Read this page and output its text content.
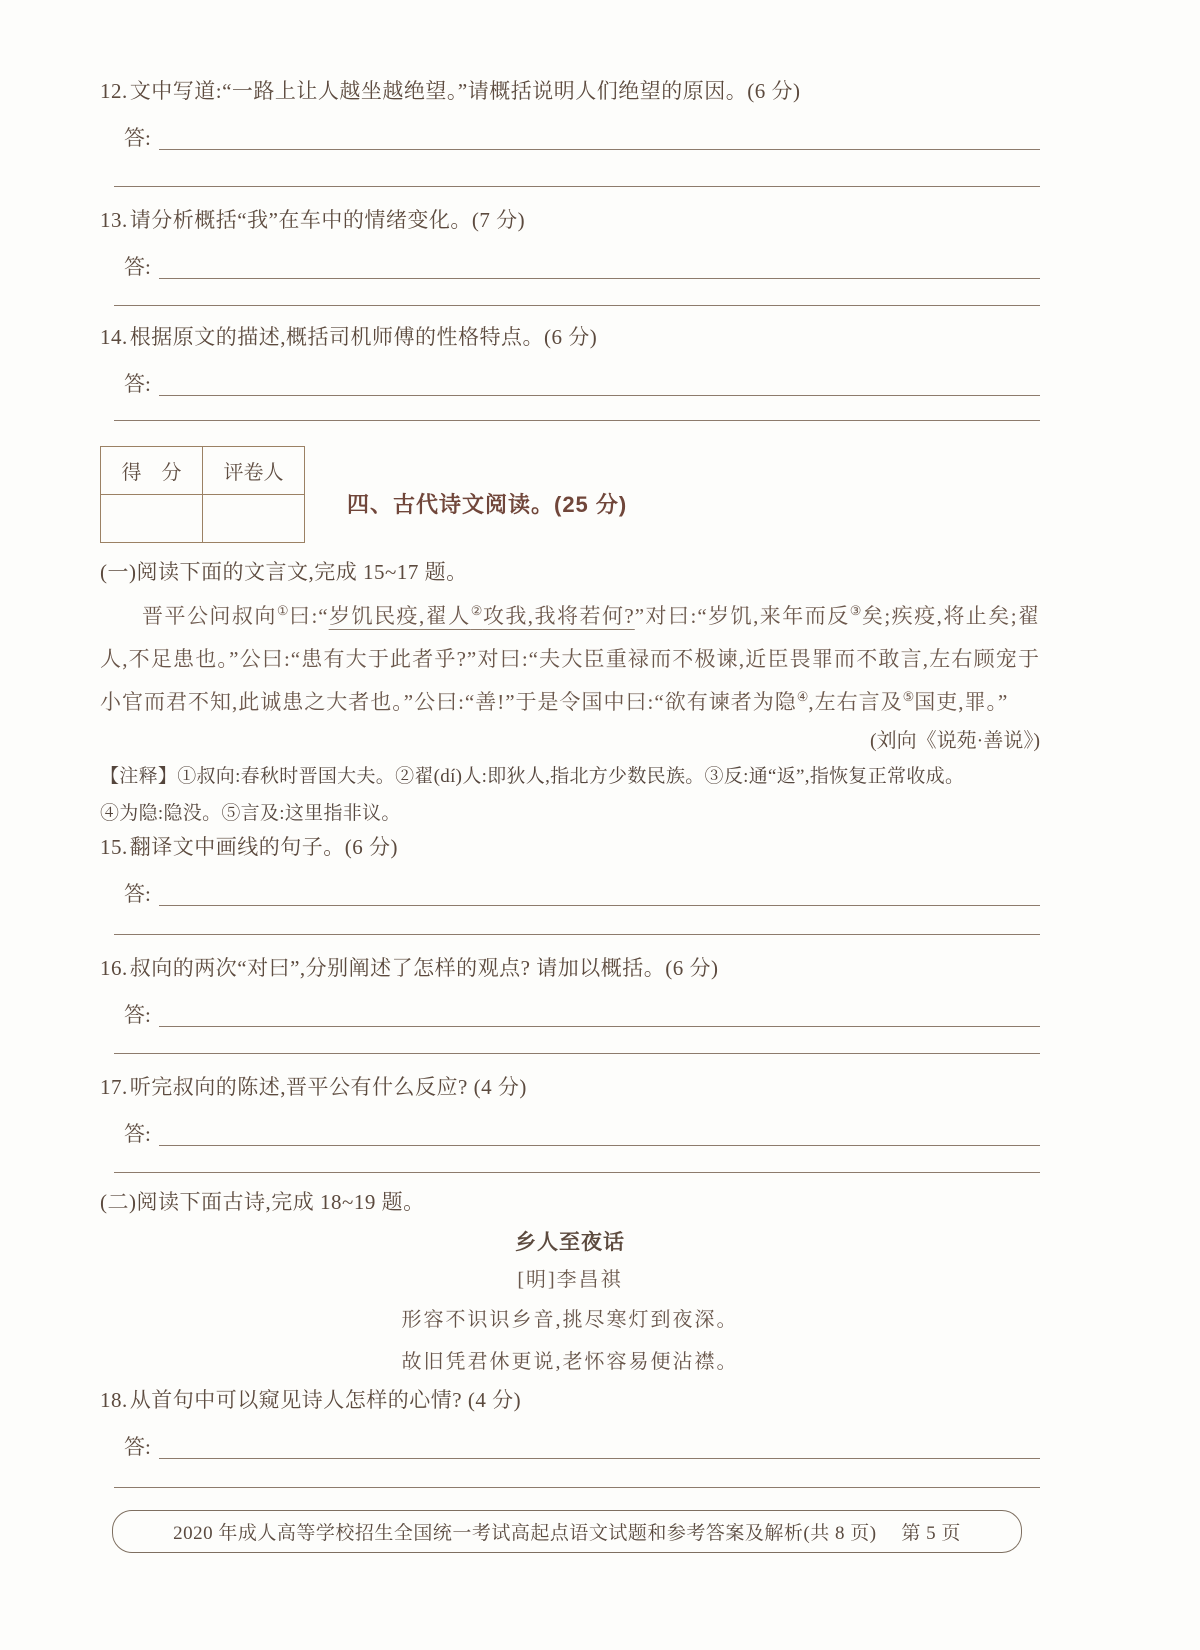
12.文中写道:“一路上让人越坐越绝望。”请概括说明人们绝望的原因。(6 分)
答:
13.请分析概括“我”在车中的情绪变化。(7 分)
答:
14.根据原文的描述,概括司机师傅的性格特点。(6 分)
答:
得　分	评卷人

四、古代诗文阅读。(25 分)
(一)阅读下面的文言文,完成 15~17 题。
晋平公问叔向①曰:“岁饥民疫,翟人②攻我,我将若何?”对曰:“岁饥,来年而反③矣;疾疫,将止矣;翟人,不足患也。”公曰:“患有大于此者乎?”对曰:“夫大臣重禄而不极谏,近臣畏罪而不敢言,左右顾宠于小官而君不知,此诚患之大者也。”公曰:“善!”于是令国中曰:“欲有谏者为隐④,左右言及⑤国吏,罪。”
(刘向《说苑·善说》)
【注释】①叔向:春秋时晋国大夫。②翟(dí)人:即狄人,指北方少数民族。③反:通“返”,指恢复正常收成。
④为隐:隐没。⑤言及:这里指非议。
15.翻译文中画线的句子。(6 分)
答:
16.叔向的两次“对曰”,分别阐述了怎样的观点? 请加以概括。(6 分)
答:
17.听完叔向的陈述,晋平公有什么反应? (4 分)
答:
(二)阅读下面古诗,完成 18~19 题。
乡人至夜话
[明]李昌祺
形容不识识乡音,挑尽寒灯到夜深。
故旧凭君休更说,老怀容易便沾襟。
18.从首句中可以窥见诗人怎样的心情? (4 分)
答:
2020 年成人高等学校招生全国统一考试高起点语文试题和参考答案及解析(共 8 页)　 第 5 页
